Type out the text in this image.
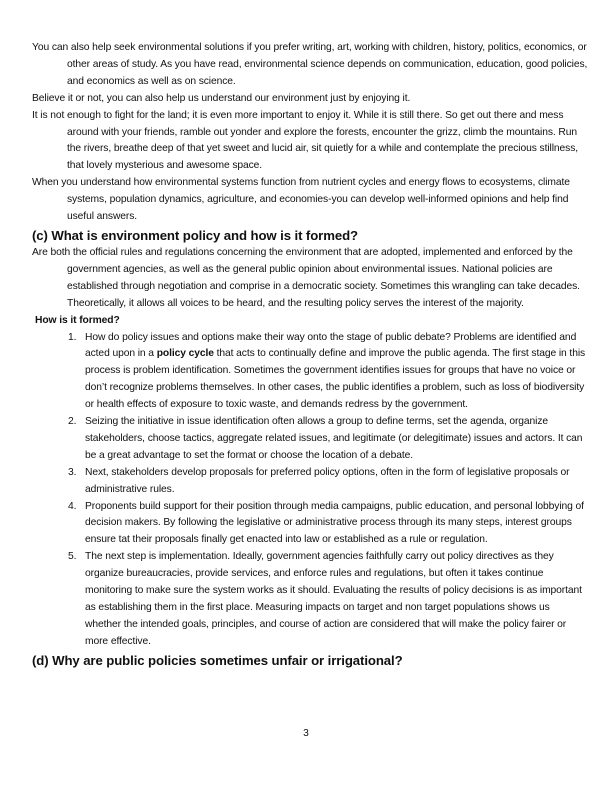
You can also help seek environmental solutions if you prefer writing, art, working with children, history, politics, economics, or other areas of study. As you have read, environmental science depends on communication, education, good policies, and economics as well as on science.

Believe it or not, you can also help us understand our environment just by enjoying it.

It is not enough to fight for the land; it is even more important to enjoy it. While it is still there. So get out there and mess around with your friends, ramble out yonder and explore the forests, encounter the grizz, climb the mountains. Run the rivers, breathe deep of that yet sweet and lucid air, sit quietly for a while and contemplate the precious stillness, that lovely mysterious and awesome space.

When you understand how environmental systems function from nutrient cycles and energy flows to ecosystems, climate systems, population dynamics, agriculture, and economies-you can develop well-informed opinions and help find useful answers.

(c) What is environment policy and how is it formed?

Are both the official rules and regulations concerning the environment that are adopted, implemented and enforced by the government agencies, as well as the general public opinion about environmental issues. National policies are established through negotiation and comprise in a democratic society. Sometimes this wrangling can take decades. Theoretically, it allows all voices to be heard, and the resulting policy serves the interest of the majority.

How is it formed?
1. How do policy issues and options make their way onto the stage of public debate? Problems are identified and acted upon in a policy cycle that acts to continually define and improve the public agenda. The first stage in this process is problem identification. Sometimes the government identifies issues for groups that have no voice or don’t recognize problems themselves. In other cases, the public identifies a problem, such as loss of biodiversity or health effects of exposure to toxic waste, and demands redress by the government.
2. Seizing the initiative in issue identification often allows a group to define terms, set the agenda, organize stakeholders, choose tactics, aggregate related issues, and legitimate (or delegitimate) issues and actors. It can be a great advantage to set the format or choose the location of a debate.
3. Next, stakeholders develop proposals for preferred policy options, often in the form of legislative proposals or administrative rules.
4. Proponents build support for their position through media campaigns, public education, and personal lobbying of decision makers. By following the legislative or administrative process through its many steps, interest groups ensure tat their proposals finally get enacted into law or established as a rule or regulation.
5. The next step is implementation. Ideally, government agencies faithfully carry out policy directives as they organize bureaucracies, provide services, and enforce rules and regulations, but often it takes continue monitoring to make sure the system works as it should. Evaluating the results of policy decisions is as important as establishing them in the first place. Measuring impacts on target and non target populations shows us whether the intended goals, principles, and course of action are considered that will make the policy fairer or more effective.
(d) Why are public policies sometimes unfair or irrigational?
3
